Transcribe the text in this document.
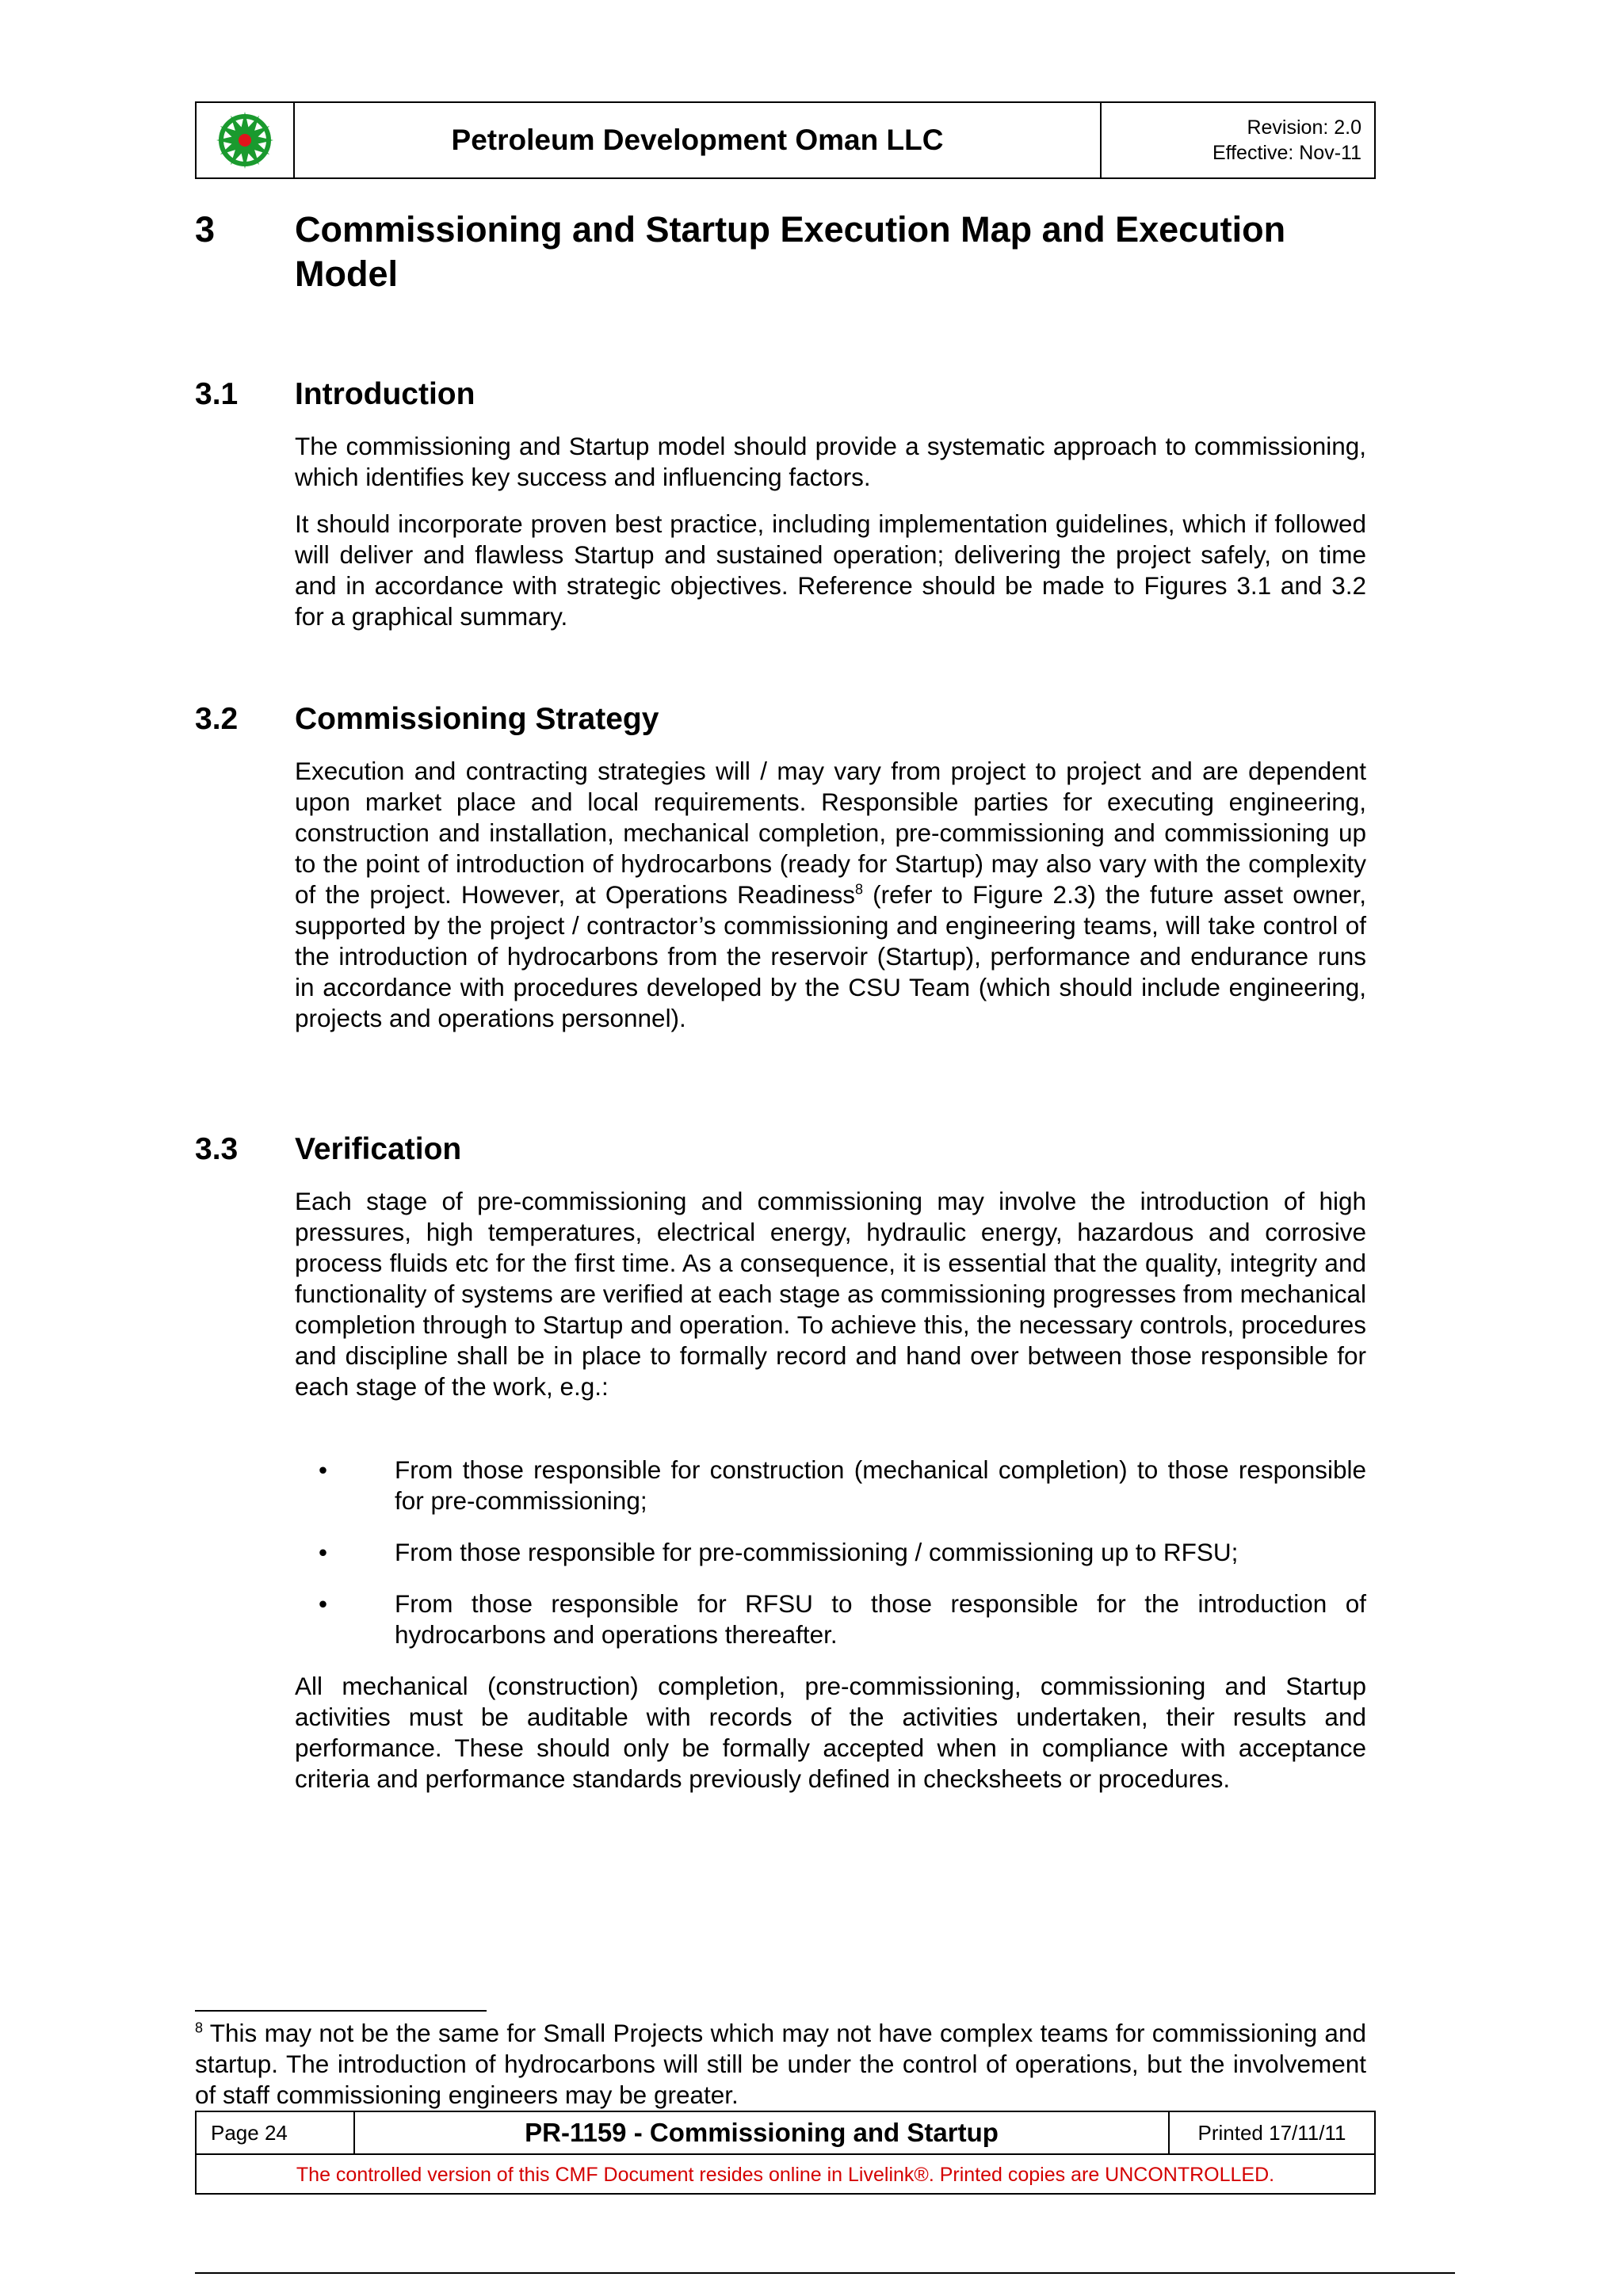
Petroleum Development Oman LLC	Revision: 2.0
Effective: Nov-11
3 Commissioning and Startup Execution Map and Execution
Model
3.1 Introduction
The commissioning and Startup model should provide a systematic approach to commissioning, which identifies key success and influencing factors.
It should incorporate proven best practice, including implementation guidelines, which if followed will deliver and flawless Startup and sustained operation; delivering the project safely, on time and in accordance with strategic objectives. Reference should be made to Figures 3.1 and 3.2 for a graphical summary.
3.2 Commissioning Strategy
Execution and contracting strategies will / may vary from project to project and are dependent upon market place and local requirements. Responsible parties for executing engineering, construction and installation, mechanical completion, pre-commissioning and commissioning up to the point of introduction of hydrocarbons (ready for Startup) may also vary with the complexity of the project. However, at Operations Readiness$^8$ (refer to Figure 2.3) the future asset owner, supported by the project / contractor’s commissioning and engineering teams, will take control of the introduction of hydrocarbons from the reservoir (Startup), performance and endurance runs in accordance with procedures developed by the CSU Team (which should include engineering, projects and operations personnel).
3.3 Verification
Each stage of pre-commissioning and commissioning may involve the introduction of high pressures, high temperatures, electrical energy, hydraulic energy, hazardous and corrosive process fluids etc for the first time. As a consequence, it is essential that the quality, integrity and functionality of systems are verified at each stage as commissioning progresses from mechanical completion through to Startup and operation. To achieve this, the necessary controls, procedures and discipline shall be in place to formally record and hand over between those responsible for each stage of the work, e.g.:
•	From those responsible for construction (mechanical completion) to those responsible for pre-commissioning;
•	From those responsible for pre-commissioning / commissioning up to RFSU;
•	From those responsible for RFSU to those responsible for the introduction of hydrocarbons and operations thereafter.
All mechanical (construction) completion, pre-commissioning, commissioning and Startup activities must be auditable with records of the activities undertaken, their results and performance. These should only be formally accepted when in compliance with acceptance criteria and performance standards previously defined in checksheets or procedures.
$^8$ This may not be the same for Small Projects which may not have complex teams for commissioning and startup. The introduction of hydrocarbons will still be under the control of operations, but the involvement of staff commissioning engineers may be greater.
Page 24	PR-1159 - Commissioning and Startup	Printed 17/11/11
The controlled version of this CMF Document resides online in Livelink®. Printed copies are UNCONTROLLED.
